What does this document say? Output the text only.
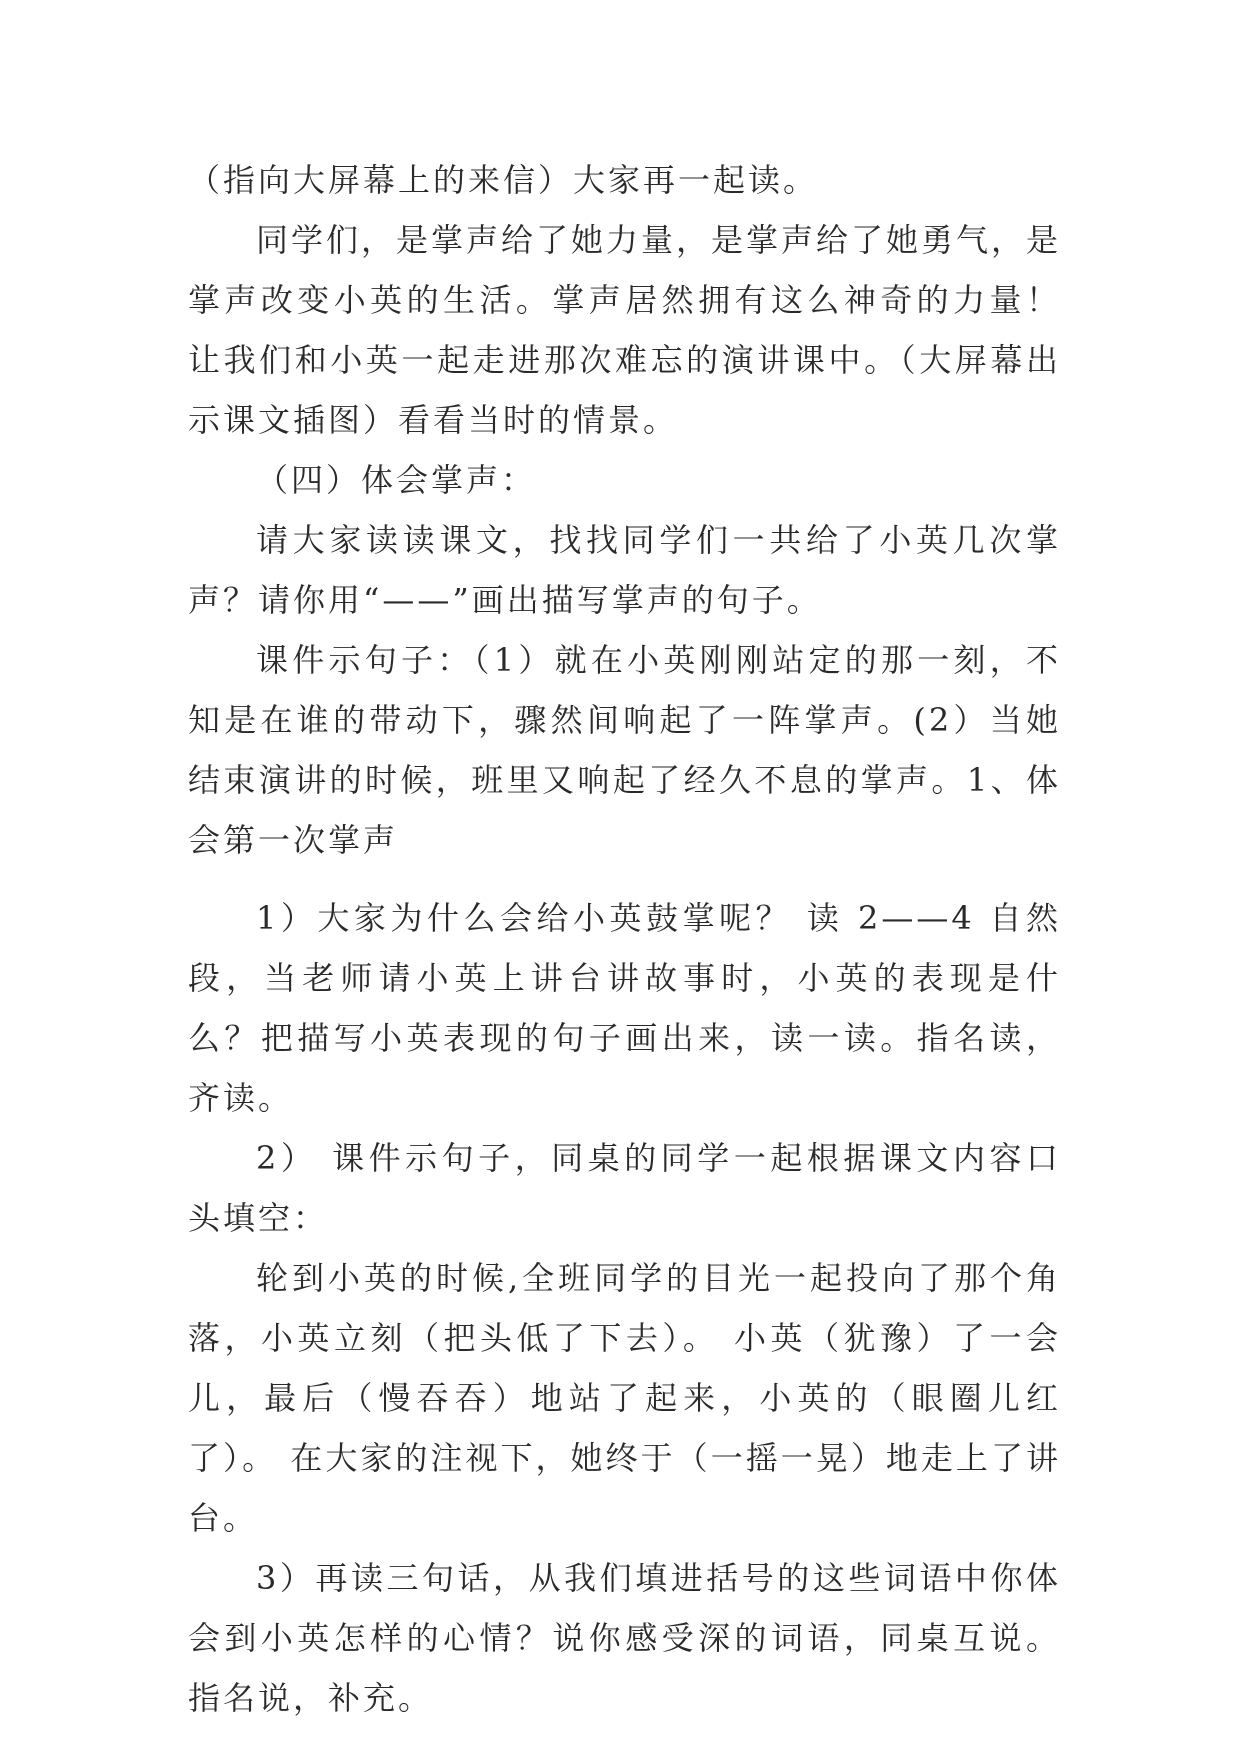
（指向大屏幕上的来信）大家再一起读。

同学们，是掌声给了她力量，是掌声给了她勇气，是掌声改变小英的生活。掌声居然拥有这么神奇的力量！让我们和小英一起走进那次难忘的演讲课中。（大屏幕出示课文插图）看看当时的情景。

（四）体会掌声：

请大家读读课文，找找同学们一共给了小英几次掌声？请你用“——”画出描写掌声的句子。

课件示句子：（1）就在小英刚刚站定的那一刻，不知是在谁的带动下，骤然间响起了一阵掌声。(2）当她结束演讲的时候，班里又响起了经久不息的掌声。1、体会第一次掌声

1）大家为什么会给小英鼓掌呢？ 读 2——4 自然段，当老师请小英上讲台讲故事时，小英的表现是什么？把描写小英表现的句子画出来，读一读。指名读，齐读。

2） 课件示句子，同桌的同学一起根据课文内容口头填空：

轮到小英的时候,全班同学的目光一起投向了那个角落，小英立刻（把头低了下去）。 小英（犹豫）了一会儿，最后（慢吞吞）地站了起来，小英的（眼圈儿红了）。 在大家的注视下，她终于（一摇一晃）地走上了讲台。

3）再读三句话，从我们填进括号的这些词语中你体会到小英怎样的心情？说你感受深的词语，同桌互说。指名说，补充。
